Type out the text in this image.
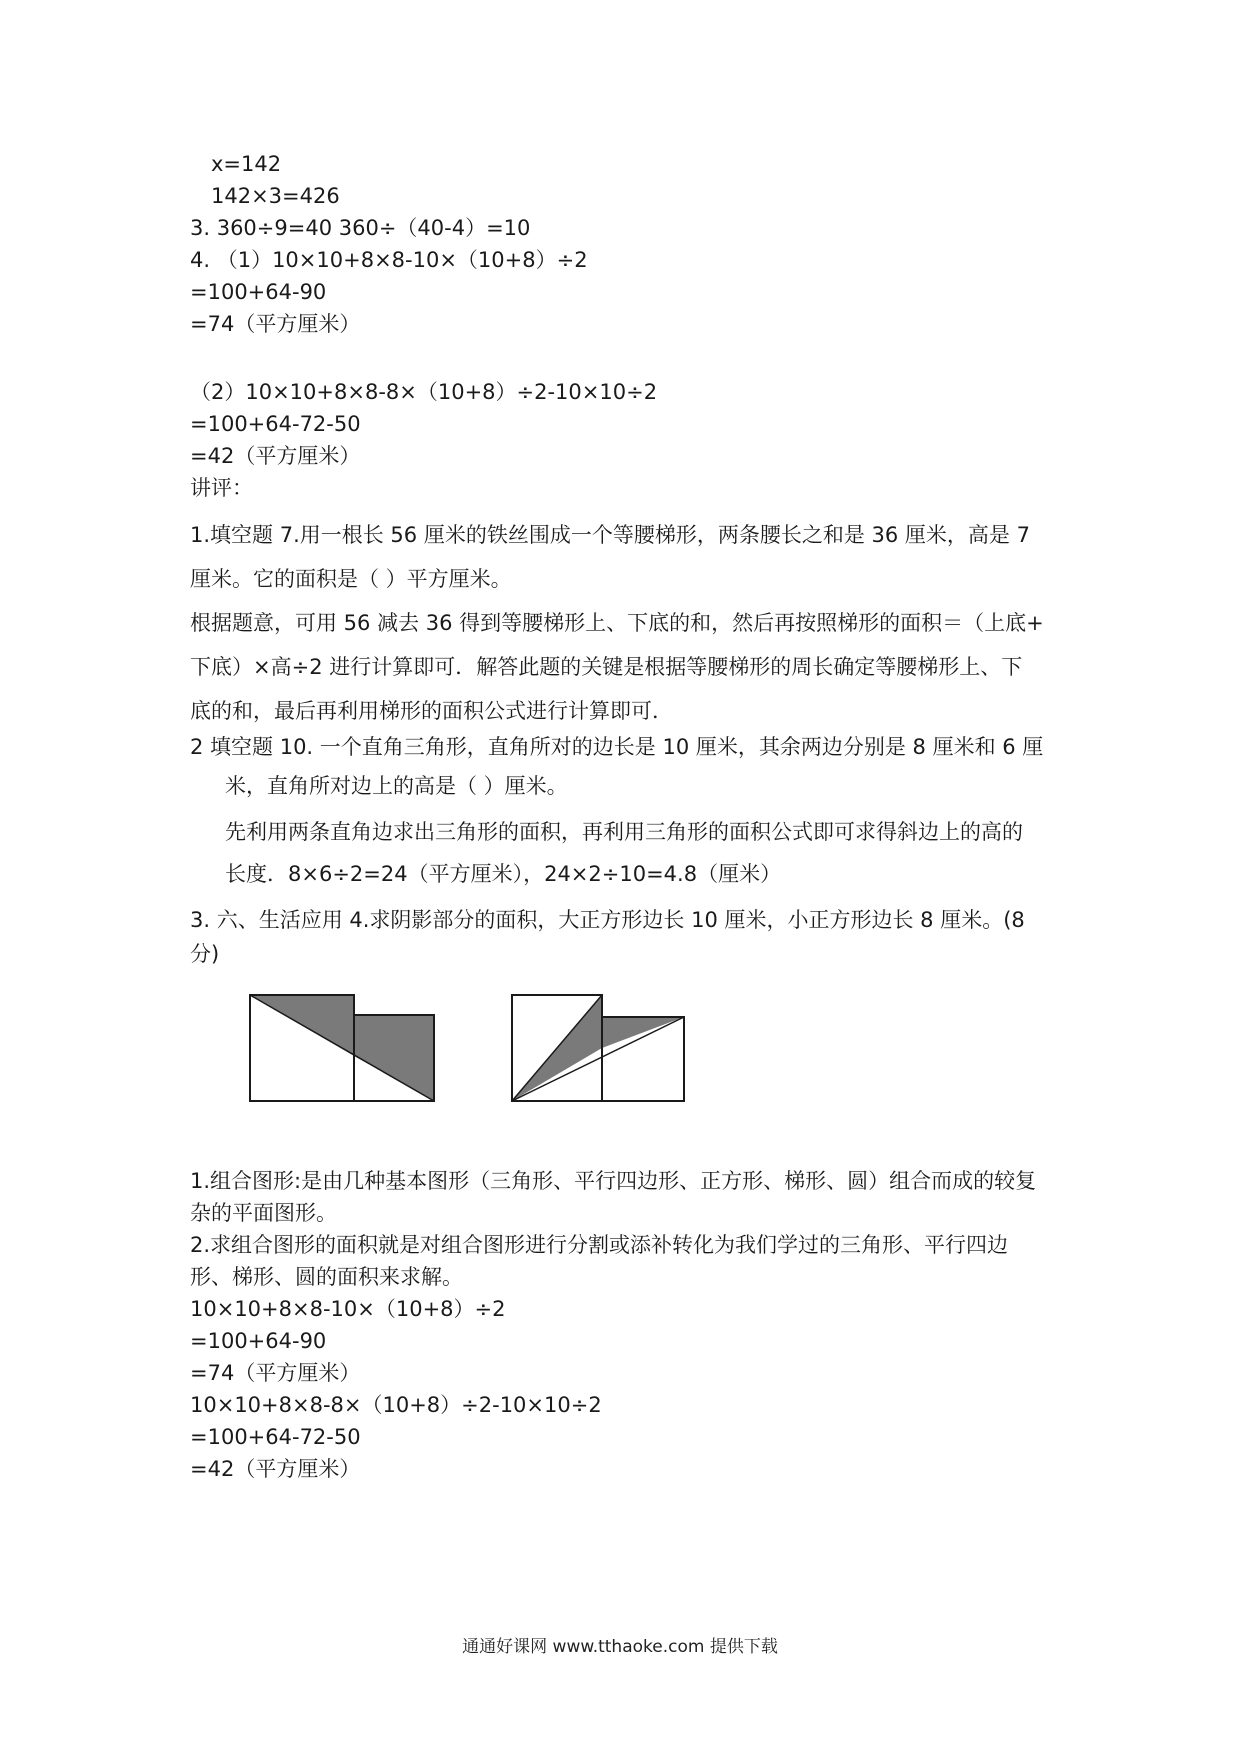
x=142
142×3=426
3. 360÷9=40 360÷（40-4）=10
4. （1）10×10+8×8-10×（10+8）÷2
=100+64-90
=74（平方厘米）
（2）10×10+8×8-8×（10+8）÷2-10×10÷2
=100+64-72-50
=42（平方厘米）
讲评：
1.填空题 7.用一根长 56 厘米的铁丝围成一个等腰梯形，两条腰长之和是 36 厘米，高是 7
厘米。它的面积是（ ）平方厘米。
根据题意，可用 56 减去 36 得到等腰梯形上、下底的和，然后再按照梯形的面积＝（上底+
下底）×高÷2 进行计算即可．解答此题的关键是根据等腰梯形的周长确定等腰梯形上、下
底的和，最后再利用梯形的面积公式进行计算即可．
2 填空题 10. 一个直角三角形，直角所对的边长是 10 厘米，其余两边分别是 8 厘米和 6 厘
米，直角所对边上的高是（ ）厘米。
先利用两条直角边求出三角形的面积，再利用三角形的面积公式即可求得斜边上的高的
长度．8×6÷2=24（平方厘米），24×2÷10=4.8（厘米）
3. 六、生活应用 4.求阴影部分的面积，大正方形边长 10 厘米，小正方形边长 8 厘米。(8
分)
1.组合图形:是由几种基本图形（三角形、平行四边形、正方形、梯形、圆）组合而成的较复
杂的平面图形。
2.求组合图形的面积就是对组合图形进行分割或添补转化为我们学过的三角形、平行四边
形、梯形、圆的面积来求解。
10×10+8×8-10×（10+8）÷2
=100+64-90
=74（平方厘米）
10×10+8×8-8×（10+8）÷2-10×10÷2
=100+64-72-50
=42（平方厘米）
通通好课网 www.tthaoke.com 提供下载
